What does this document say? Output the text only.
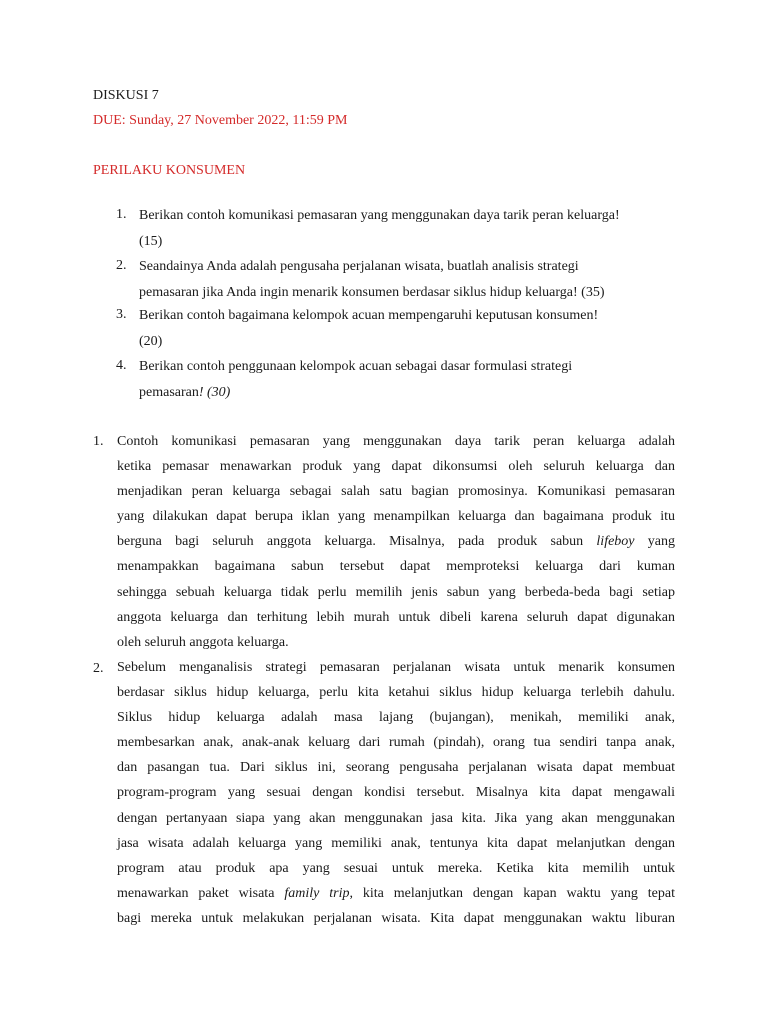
DISKUSI 7
DUE: Sunday, 27 November 2022, 11:59 PM
PERILAKU KONSUMEN
1. Berikan contoh komunikasi pemasaran yang menggunakan daya tarik peran keluarga!
(15)
2. Seandainya Anda adalah pengusaha perjalanan wisata, buatlah analisis strategi
pemasaran jika Anda ingin menarik konsumen berdasar siklus hidup keluarga! (35)
3. Berikan contoh bagaimana kelompok acuan mempengaruhi keputusan konsumen!
(20)
4. Berikan contoh penggunaan kelompok acuan sebagai dasar formulasi strategi
pemasaran! (30)
1. Contoh komunikasi pemasaran yang menggunakan daya tarik peran keluarga adalah
ketika pemasar menawarkan produk yang dapat dikonsumsi oleh seluruh keluarga dan
menjadikan peran keluarga sebagai salah satu bagian promosinya. Komunikasi pemasaran
yang dilakukan dapat berupa iklan yang menampilkan keluarga dan bagaimana produk itu
berguna bagi seluruh anggota keluarga. Misalnya, pada produk sabun lifeboy yang
menampakkan bagaimana sabun tersebut dapat memproteksi keluarga dari kuman
sehingga sebuah keluarga tidak perlu memilih jenis sabun yang berbeda-beda bagi setiap
anggota keluarga dan terhitung lebih murah untuk dibeli karena seluruh dapat digunakan
oleh seluruh anggota keluarga.
2. Sebelum menganalisis strategi pemasaran perjalanan wisata untuk menarik konsumen
berdasar siklus hidup keluarga, perlu kita ketahui siklus hidup keluarga terlebih dahulu.
Siklus hidup keluarga adalah masa lajang (bujangan), menikah, memiliki anak,
membesarkan anak, anak-anak keluarg dari rumah (pindah), orang tua sendiri tanpa anak,
dan pasangan tua. Dari siklus ini, seorang pengusaha perjalanan wisata dapat membuat
program-program yang sesuai dengan kondisi tersebut. Misalnya kita dapat mengawali
dengan pertanyaan siapa yang akan menggunakan jasa kita. Jika yang akan menggunakan
jasa wisata adalah keluarga yang memiliki anak, tentunya kita dapat melanjutkan dengan
program atau produk apa yang sesuai untuk mereka. Ketika kita memilih untuk
menawarkan paket wisata family trip, kita melanjutkan dengan kapan waktu yang tepat
bagi mereka untuk melakukan perjalanan wisata. Kita dapat menggunakan waktu liburan
